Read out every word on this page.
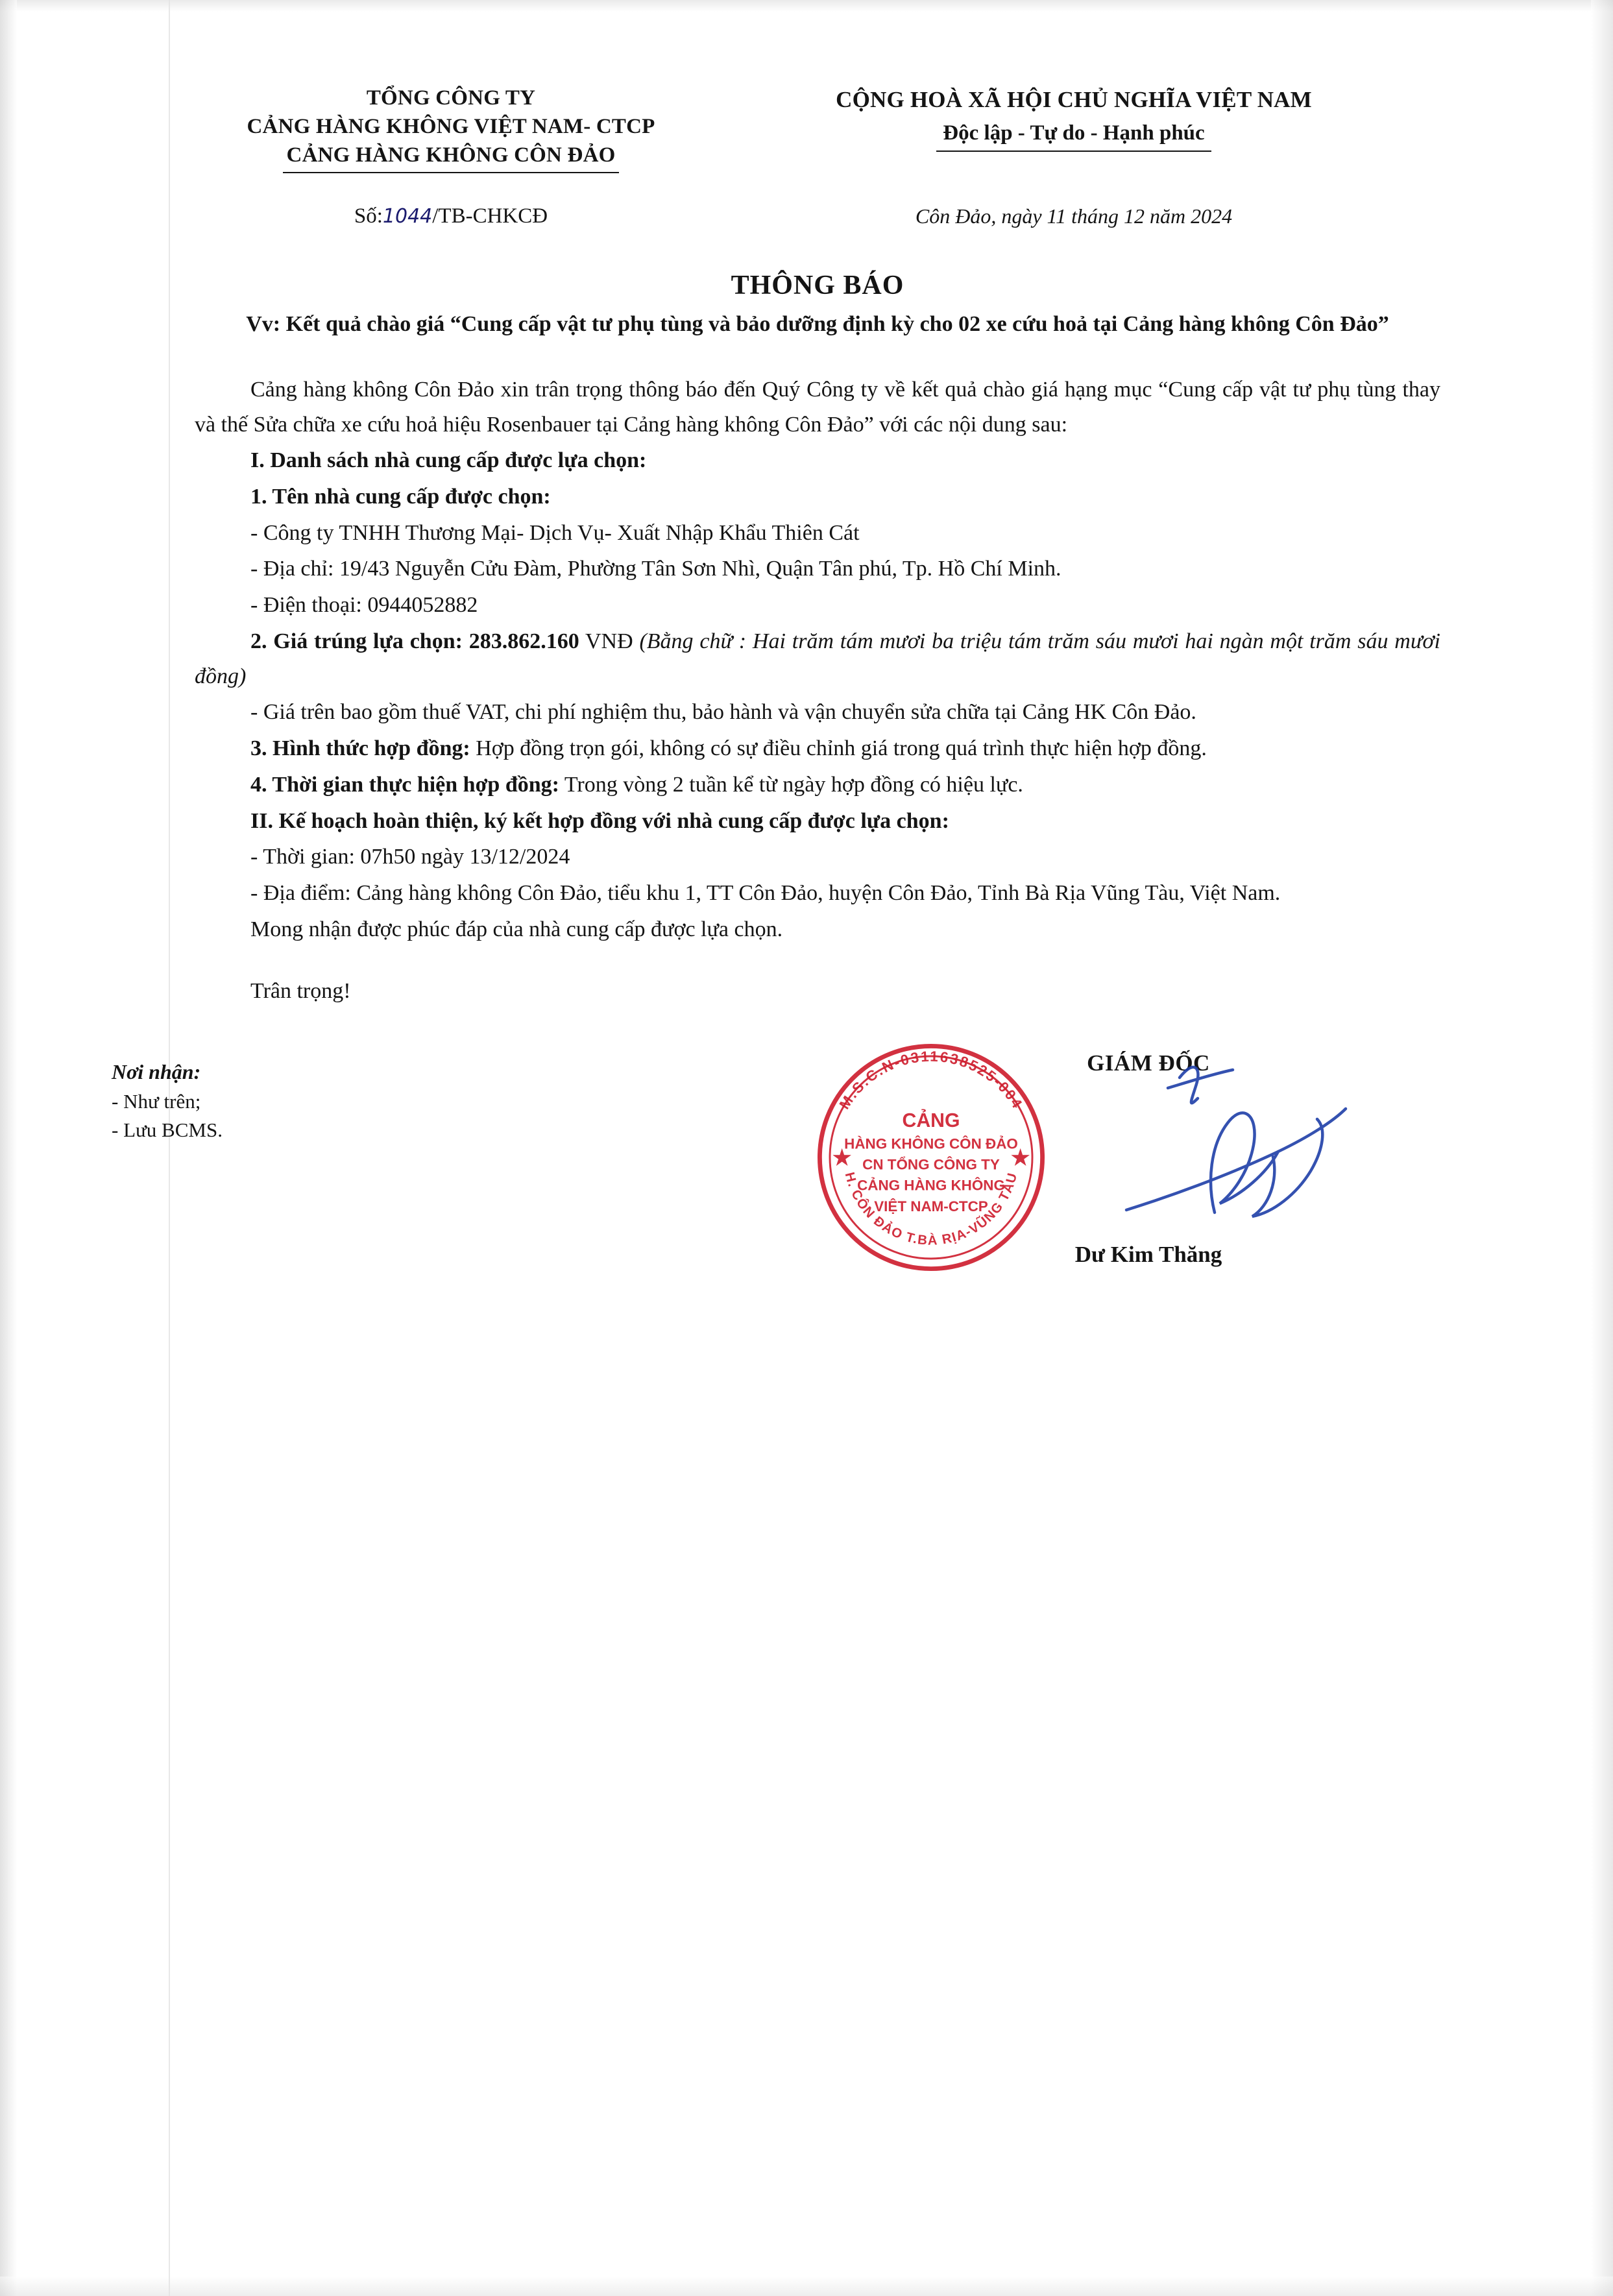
TỔNG CÔNG TY
CẢNG HÀNG KHÔNG VIỆT NAM- CTCP
CẢNG HÀNG KHÔNG CÔN ĐẢO
CỘNG HOÀ XÃ HỘI CHỦ NGHĨA VIỆT NAM
Độc lập - Tự do - Hạnh phúc
Số:1044/TB-CHKCĐ	Côn Đảo, ngày 11 tháng 12 năm 2024
THÔNG BÁO
Vv: Kết quả chào giá “Cung cấp vật tư phụ tùng và bảo dưỡng định kỳ cho 02 xe cứu hoả tại Cảng hàng không Côn Đảo”

Cảng hàng không Côn Đảo xin trân trọng thông báo đến Quý Công ty về kết quả chào giá hạng mục “Cung cấp vật tư phụ tùng thay và thế Sửa chữa xe cứu hoả hiệu Rosenbauer tại Cảng hàng không Côn Đảo” với các nội dung sau:

I. Danh sách nhà cung cấp được lựa chọn:

1. Tên nhà cung cấp được chọn:

- Công ty TNHH Thương Mại- Dịch Vụ- Xuất Nhập Khẩu Thiên Cát

- Địa chỉ: 19/43 Nguyễn Cửu Đàm, Phường Tân Sơn Nhì, Quận Tân phú, Tp. Hồ Chí Minh.

- Điện thoại: 0944052882

2. Giá trúng lựa chọn: 283.862.160 VNĐ (Bằng chữ : Hai trăm tám mươi ba triệu tám trăm sáu mươi hai ngàn một trăm sáu mươi đồng)

- Giá trên bao gồm thuế VAT, chi phí nghiệm thu, bảo hành và vận chuyển sửa chữa tại Cảng HK Côn Đảo.

3. Hình thức hợp đồng: Hợp đồng trọn gói, không có sự điều chỉnh giá trong quá trình thực hiện hợp đồng.

4. Thời gian thực hiện hợp đồng: Trong vòng 2 tuần kể từ ngày hợp đồng có hiệu lực.

II. Kế hoạch hoàn thiện, ký kết hợp đồng với nhà cung cấp được lựa chọn:

- Thời gian: 07h50 ngày 13/12/2024

- Địa điểm: Cảng hàng không Côn Đảo, tiểu khu 1, TT Côn Đảo, huyện Côn Đảo, Tỉnh Bà Rịa Vũng Tàu, Việt Nam.

Mong nhận được phúc đáp của nhà cung cấp được lựa chọn.

Trân trọng!

Nơi nhận:
- Như trên;
- Lưu BCMS.
M.S.C.N-0311638525-004
H. CÔN ĐẢO T.BÀ RỊA-VŨNG TÀU
CẢNG
HÀNG KHÔNG CÔN ĐẢO
CN TỔNG CÔNG TY
CẢNG HÀNG KHÔNG
VIỆT NAM-CTCP
★	★
GIÁM ĐỐC
Dư Kim Thăng
